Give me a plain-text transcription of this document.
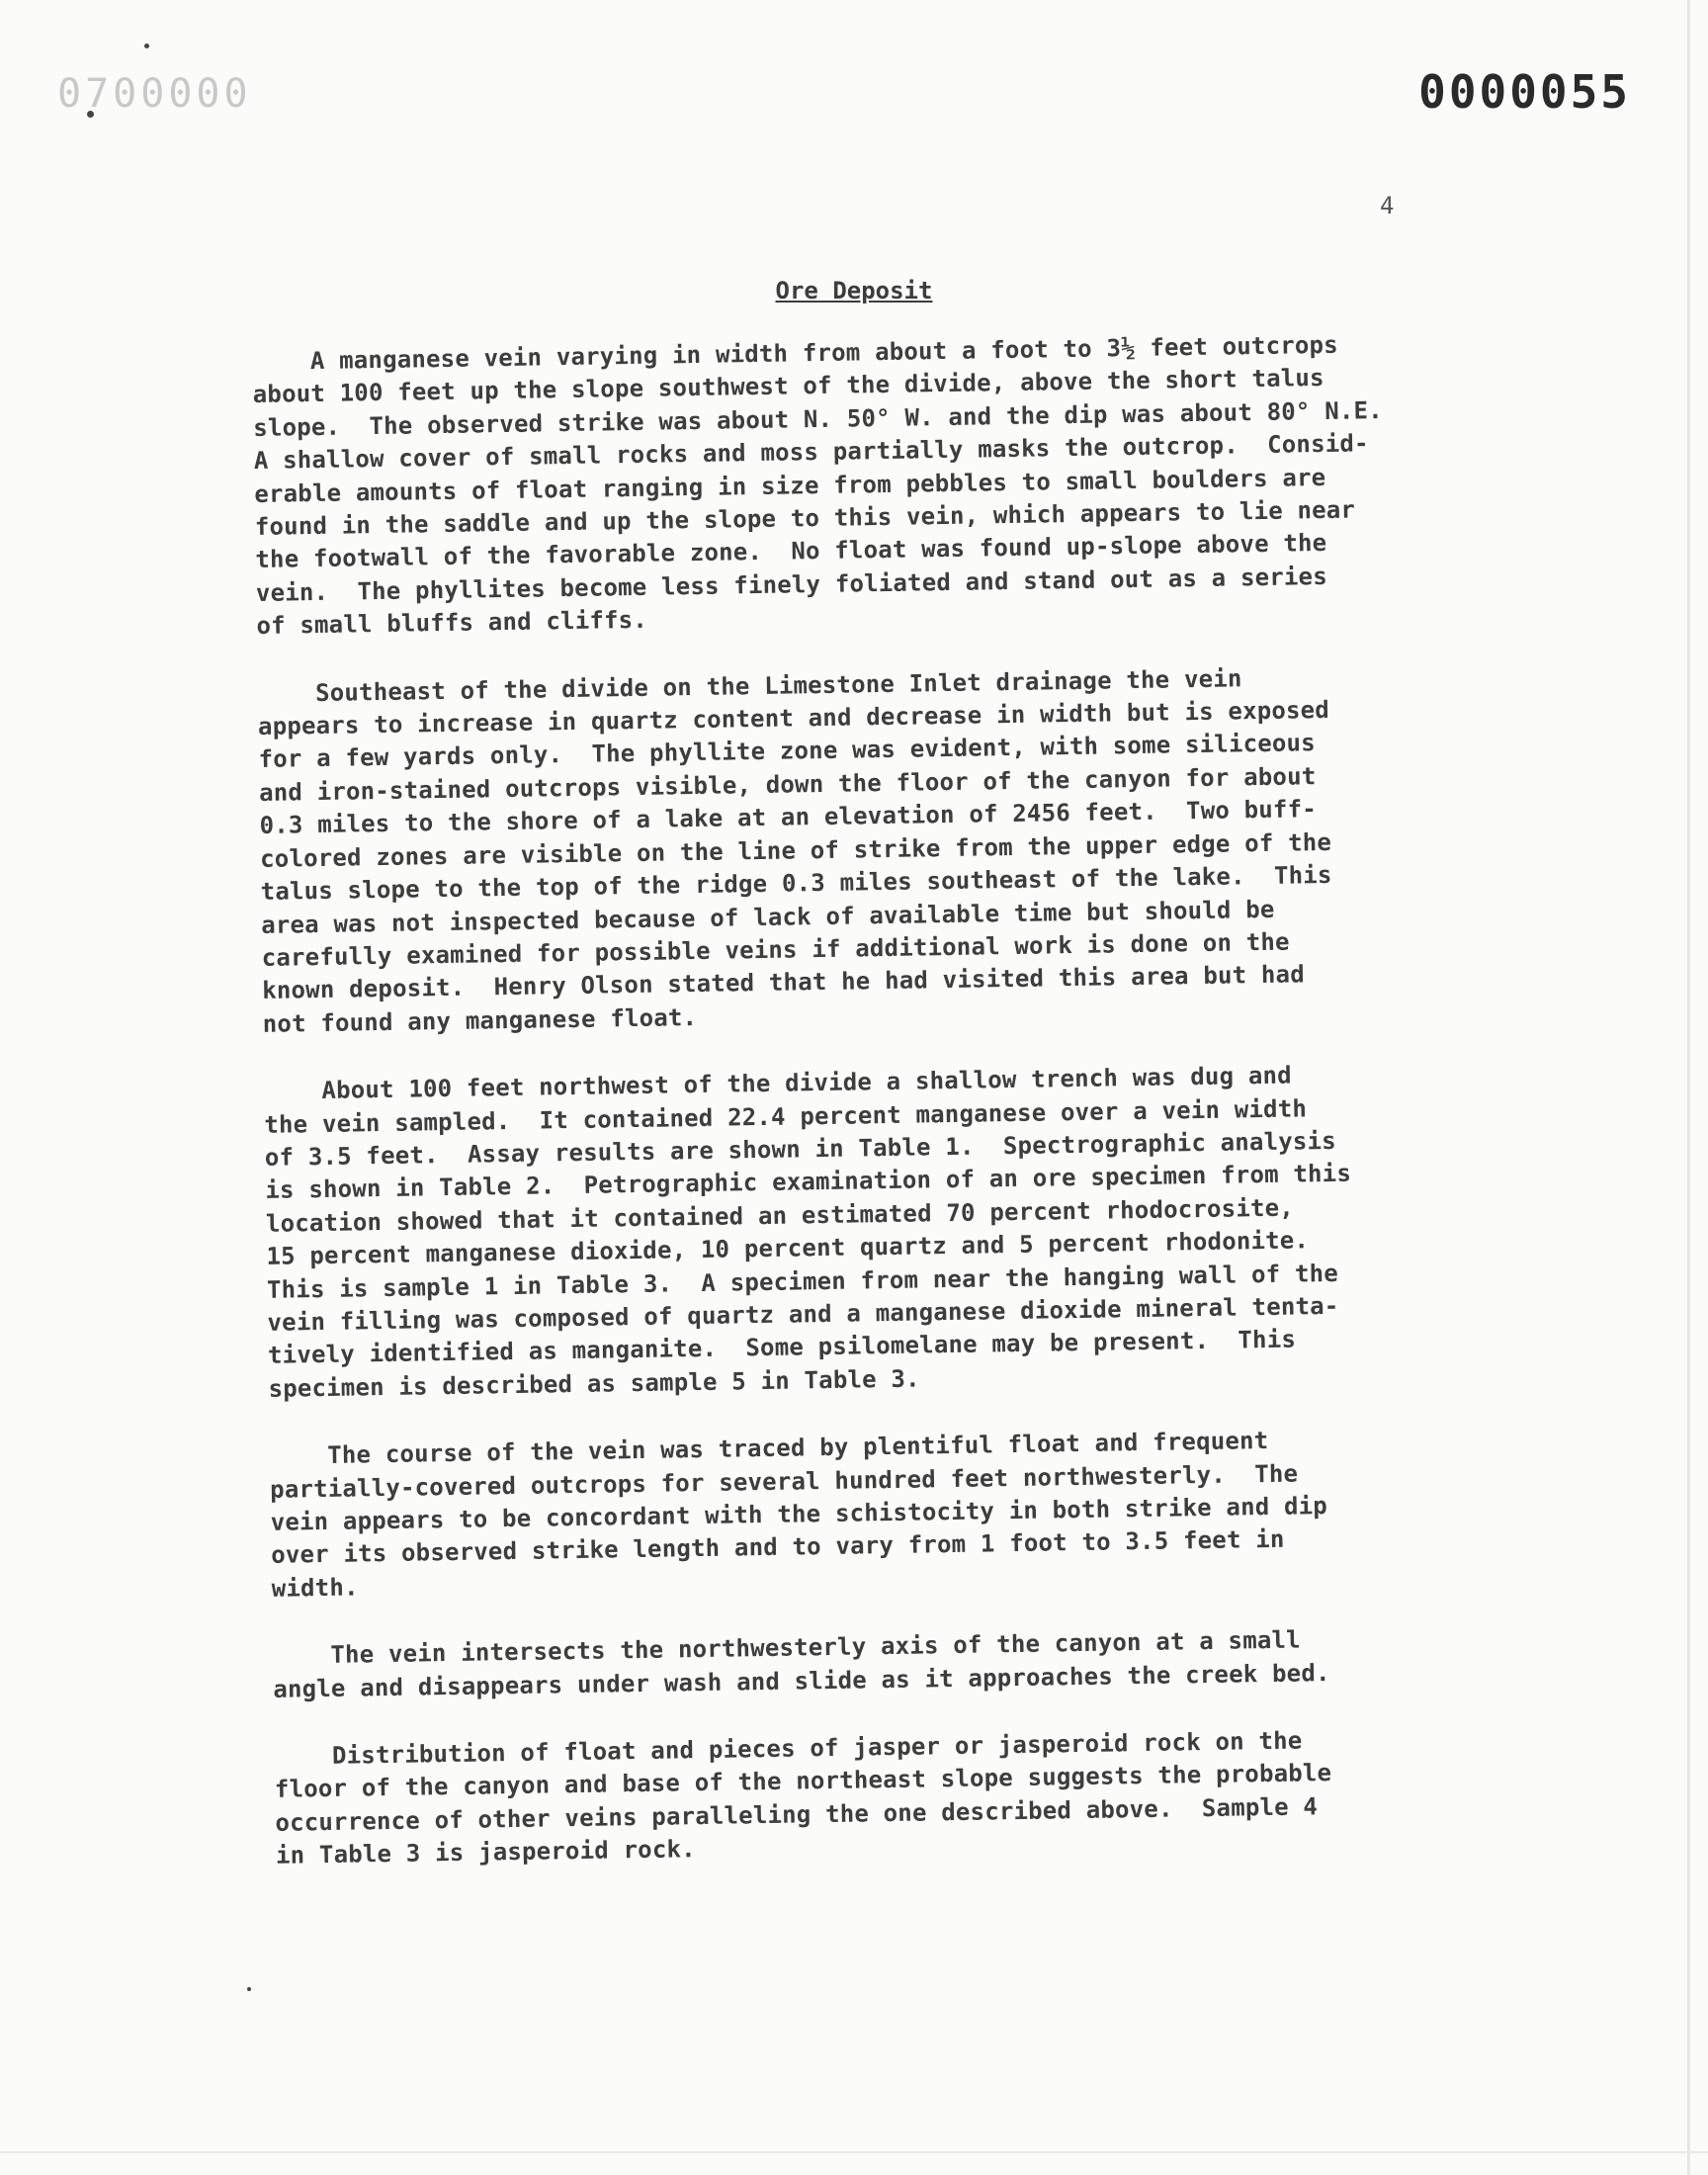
0700000	0000055
4
Ore Deposit
A manganese vein varying in width from about a foot to 3½ feet outcrops
about 100 feet up the slope southwest of the divide, above the short talus
slope.  The observed strike was about N. 50° W. and the dip was about 80° N.E.
A shallow cover of small rocks and moss partially masks the outcrop.  Consid-
erable amounts of float ranging in size from pebbles to small boulders are
found in the saddle and up the slope to this vein, which appears to lie near
the footwall of the favorable zone.  No float was found up-slope above the
vein.  The phyllites become less finely foliated and stand out as a series
of small bluffs and cliffs.
Southeast of the divide on the Limestone Inlet drainage the vein
appears to increase in quartz content and decrease in width but is exposed
for a few yards only.  The phyllite zone was evident, with some siliceous
and iron-stained outcrops visible, down the floor of the canyon for about
0.3 miles to the shore of a lake at an elevation of 2456 feet.  Two buff-
colored zones are visible on the line of strike from the upper edge of the
talus slope to the top of the ridge 0.3 miles southeast of the lake.  This
area was not inspected because of lack of available time but should be
carefully examined for possible veins if additional work is done on the
known deposit.  Henry Olson stated that he had visited this area but had
not found any manganese float.
About 100 feet northwest of the divide a shallow trench was dug and
the vein sampled.  It contained 22.4 percent manganese over a vein width
of 3.5 feet.  Assay results are shown in Table 1.  Spectrographic analysis
is shown in Table 2.  Petrographic examination of an ore specimen from this
location showed that it contained an estimated 70 percent rhodocrosite,
15 percent manganese dioxide, 10 percent quartz and 5 percent rhodonite.
This is sample 1 in Table 3.  A specimen from near the hanging wall of the
vein filling was composed of quartz and a manganese dioxide mineral tenta-
tively identified as manganite.  Some psilomelane may be present.  This
specimen is described as sample 5 in Table 3.
The course of the vein was traced by plentiful float and frequent
partially-covered outcrops for several hundred feet northwesterly.  The
vein appears to be concordant with the schistocity in both strike and dip
over its observed strike length and to vary from 1 foot to 3.5 feet in
width.
The vein intersects the northwesterly axis of the canyon at a small
angle and disappears under wash and slide as it approaches the creek bed.
Distribution of float and pieces of jasper or jasperoid rock on the
floor of the canyon and base of the northeast slope suggests the probable
occurrence of other veins paralleling the one described above.  Sample 4
in Table 3 is jasperoid rock.
